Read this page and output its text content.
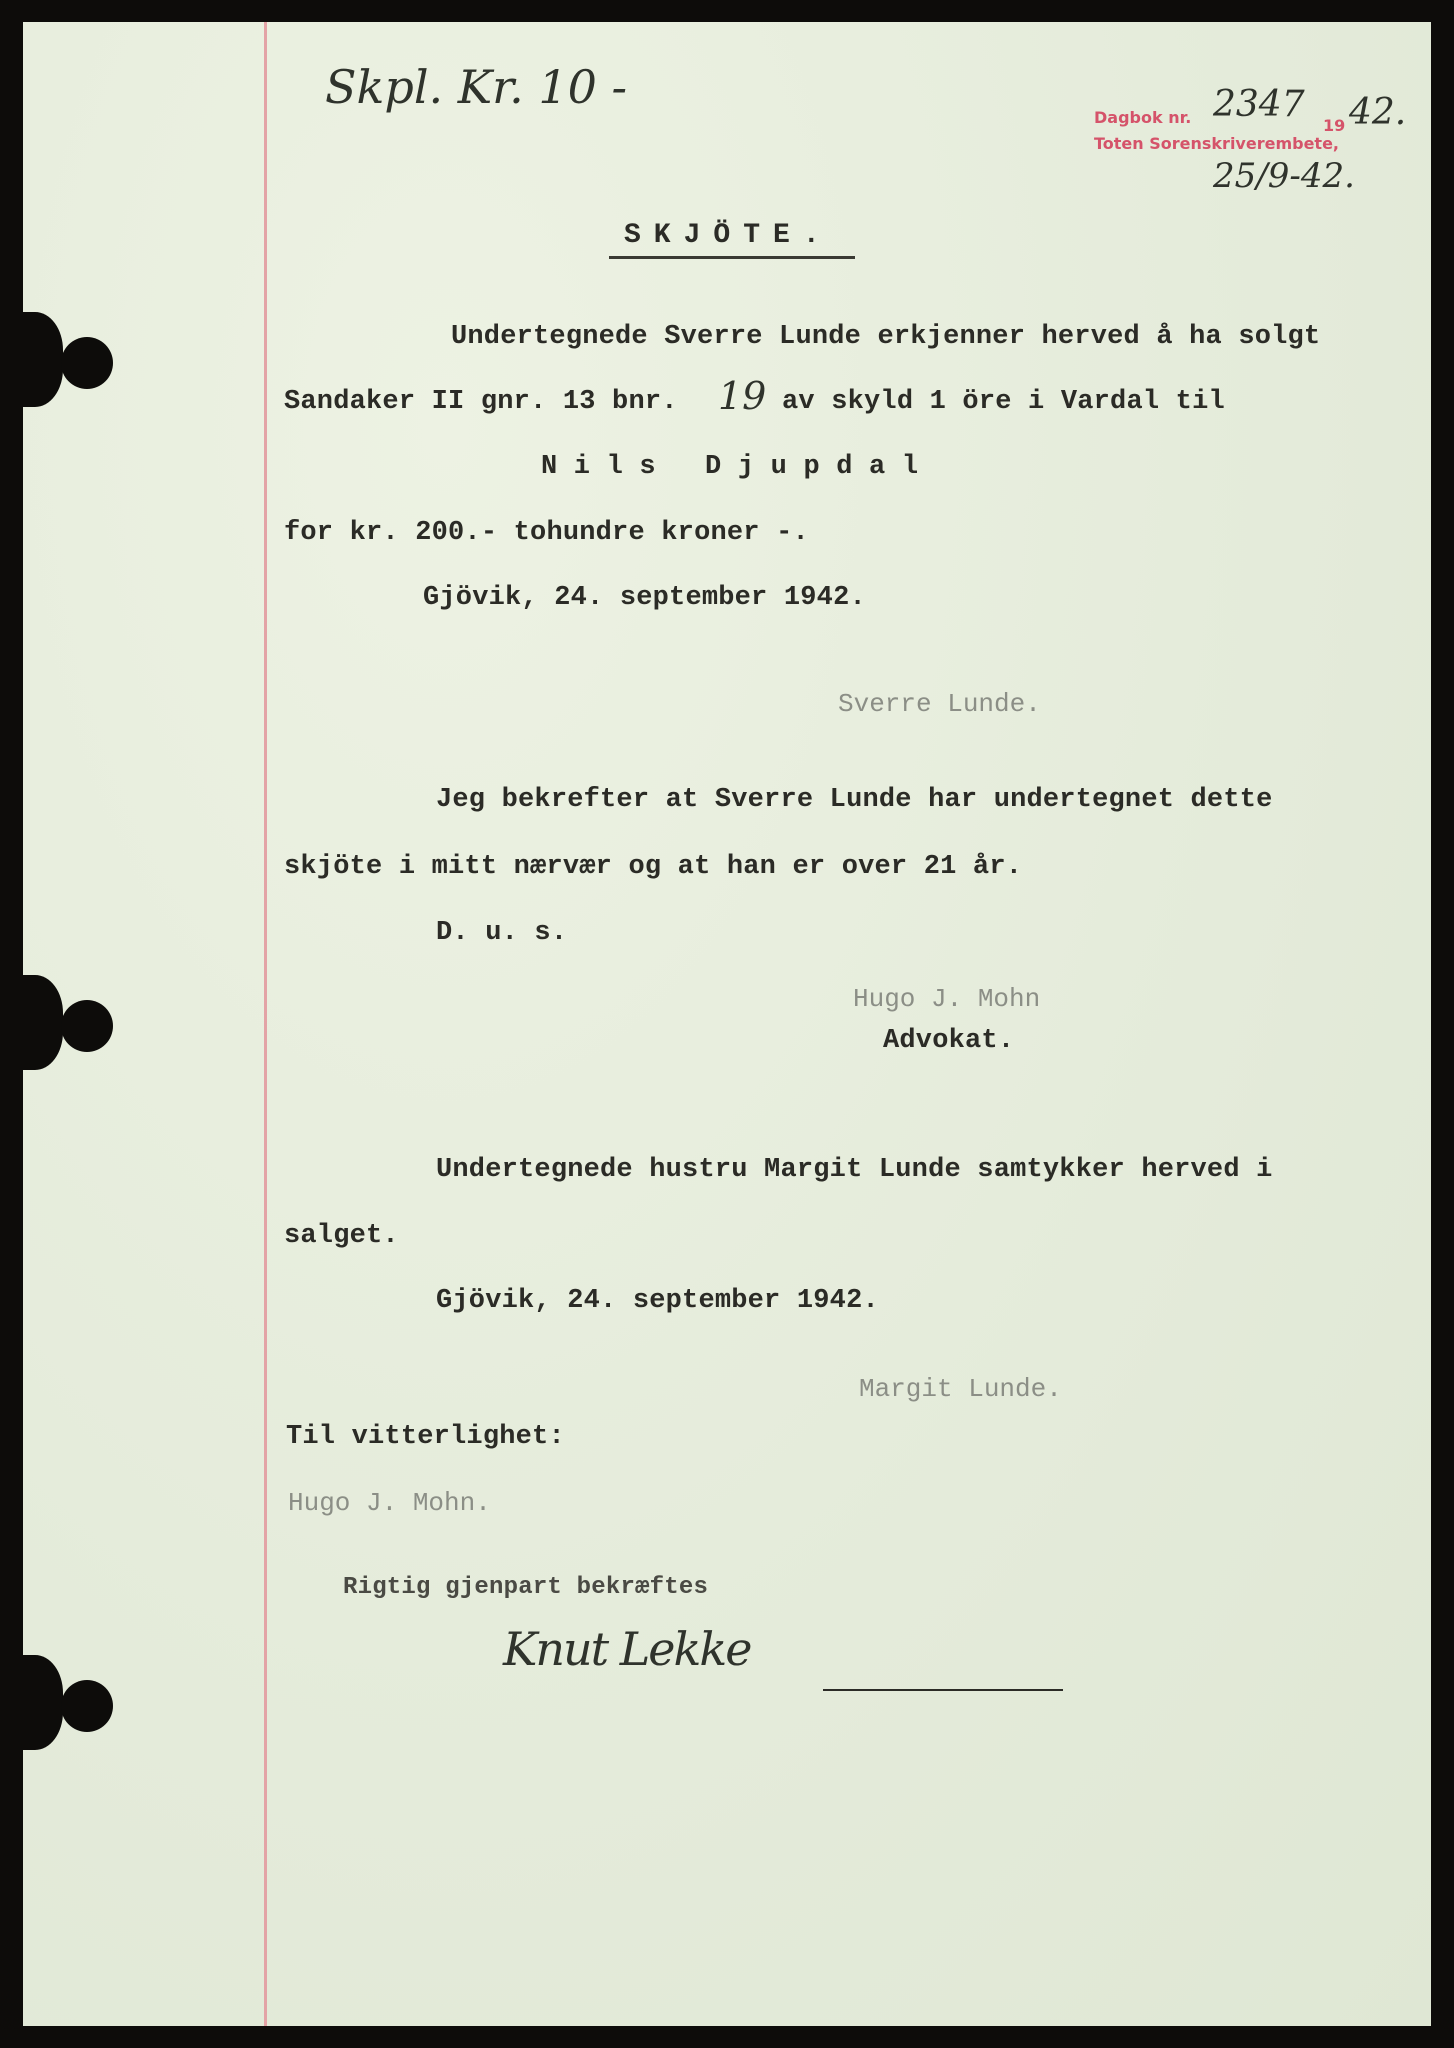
Skpl. Kr. 10 -
Dagbok nr. 2347
19 42.
Toten Sorenskriverembete,
25/9-42.
SKJÖTE.
Undertegnede Sverre Lunde erkjenner herved å ha solgt
Sandaker II gnr. 13 bnr. 19 av skyld 1 öre i Vardal til
N i l s   D j u p d a l
for kr. 200.- tohundre kroner -.
Gjövik, 24. september 1942.
Sverre Lunde.
Jeg bekrefter at Sverre Lunde har undertegnet dette
skjöte i mitt nærvær og at han er over 21 år.
D. u. s.
Hugo J. Mohn
Advokat.
Undertegnede hustru Margit Lunde samtykker herved i
salget.
Gjövik, 24. september 1942.
Margit Lunde.
Til vitterlighet:
Hugo J. Mohn.
Rigtig gjenpart bekræftes
Knut Lekke
